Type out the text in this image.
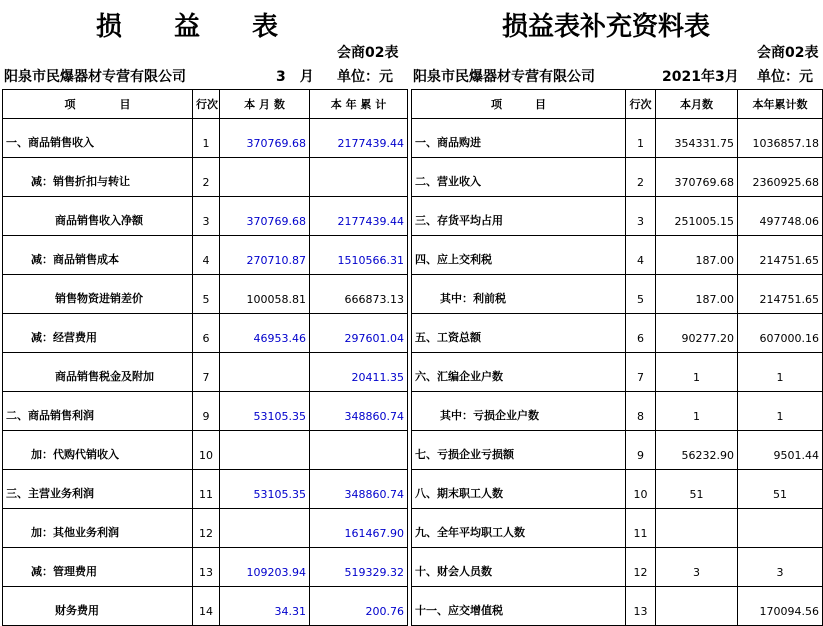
损　　益　　表
会商02表
阳泉市民爆器材专营有限公司	3　月 单位：元
损益表补充资料表
会商02表
阳泉市民爆器材专营有限公司	2021年3月 单位：元
项　　　　目	行次	本 月 数	本 年 累 计
一、商品销售收入	1	370769.68	2177439.44
减：销售折扣与转让	2		
商品销售收入净额	3	370769.68	2177439.44
减：商品销售成本	4	270710.87	1510566.31
销售物资进销差价	5	100058.81	666873.13
减：经营费用	6	46953.46	297601.04
商品销售税金及附加	7		20411.35
二、商品销售利润	9	53105.35	348860.74
加：代购代销收入	10		
三、主营业务利润	11	53105.35	348860.74
加：其他业务利润	12		161467.90
减：管理费用	13	109203.94	519329.32
财务费用	14	34.31	200.76
项　　　目	行次	本月数	本年累计数
一、商品购进	1	354331.75	1036857.18
二、营业收入	2	370769.68	2360925.68
三、存货平均占用	3	251005.15	497748.06
四、应上交利税	4	187.00	214751.65
其中：利前税	5	187.00	214751.65
五、工资总额	6	90277.20	607000.16
六、汇编企业户数	7	1	1
其中：亏损企业户数	8	1	1
七、亏损企业亏损额	9	56232.90	9501.44
八、期末职工人数	10	51	51
九、全年平均职工人数	11		
十、财会人员数	12	3	3
十一、应交增值税	13		170094.56
